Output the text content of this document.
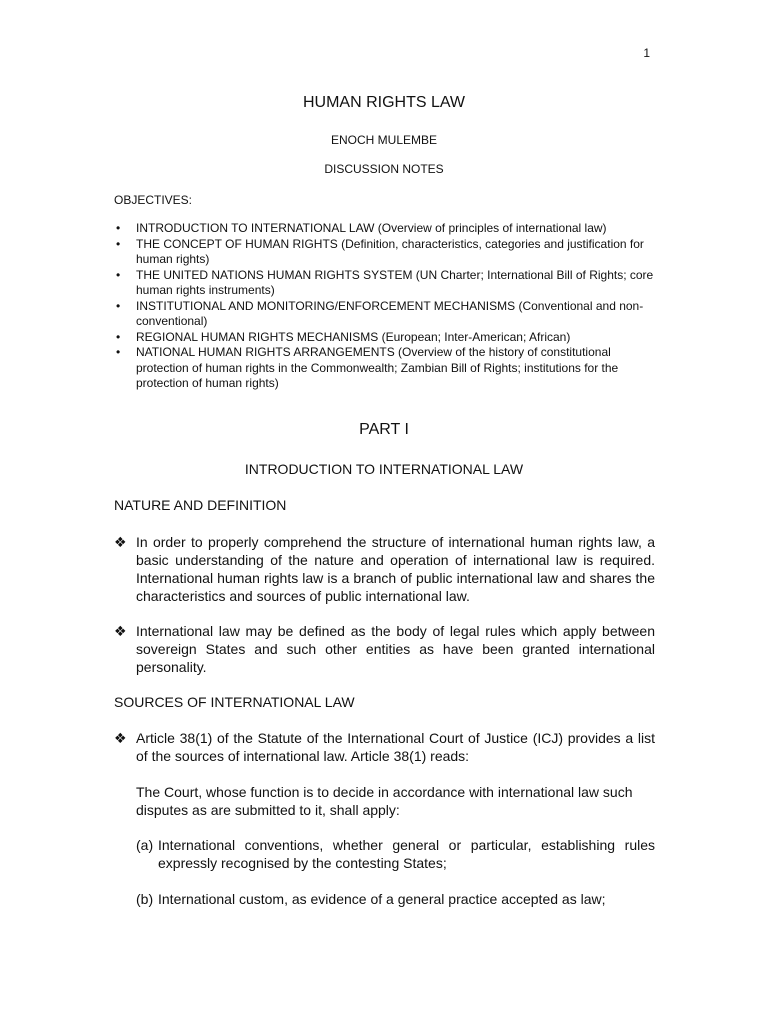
1
HUMAN RIGHTS LAW
ENOCH MULEMBE
DISCUSSION NOTES
OBJECTIVES:
• INTRODUCTION TO INTERNATIONAL LAW (Overview of principles of international law)
• THE CONCEPT OF HUMAN RIGHTS (Definition, characteristics, categories and justification for human rights)
• THE UNITED NATIONS HUMAN RIGHTS SYSTEM (UN Charter; International Bill of Rights; core human rights instruments)
• INSTITUTIONAL AND MONITORING/ENFORCEMENT MECHANISMS (Conventional and non-conventional)
• REGIONAL HUMAN RIGHTS MECHANISMS (European; Inter-American; African)
• NATIONAL HUMAN RIGHTS ARRANGEMENTS (Overview of the history of constitutional protection of human rights in the Commonwealth; Zambian Bill of Rights; institutions for the protection of human rights)
PART I
INTRODUCTION TO INTERNATIONAL LAW
NATURE AND DEFINITION
❖ In order to properly comprehend the structure of international human rights law, a basic understanding of the nature and operation of international law is required. International human rights law is a branch of public international law and shares the characteristics and sources of public international law.
❖ International law may be defined as the body of legal rules which apply between sovereign States and such other entities as have been granted international personality.
SOURCES OF INTERNATIONAL LAW
❖ Article 38(1) of the Statute of the International Court of Justice (ICJ) provides a list of the sources of international law. Article 38(1) reads:
The Court, whose function is to decide in accordance with international law such disputes as are submitted to it, shall apply:
(a) International conventions, whether general or particular, establishing rules expressly recognised by the contesting States;
(b) International custom, as evidence of a general practice accepted as law;
